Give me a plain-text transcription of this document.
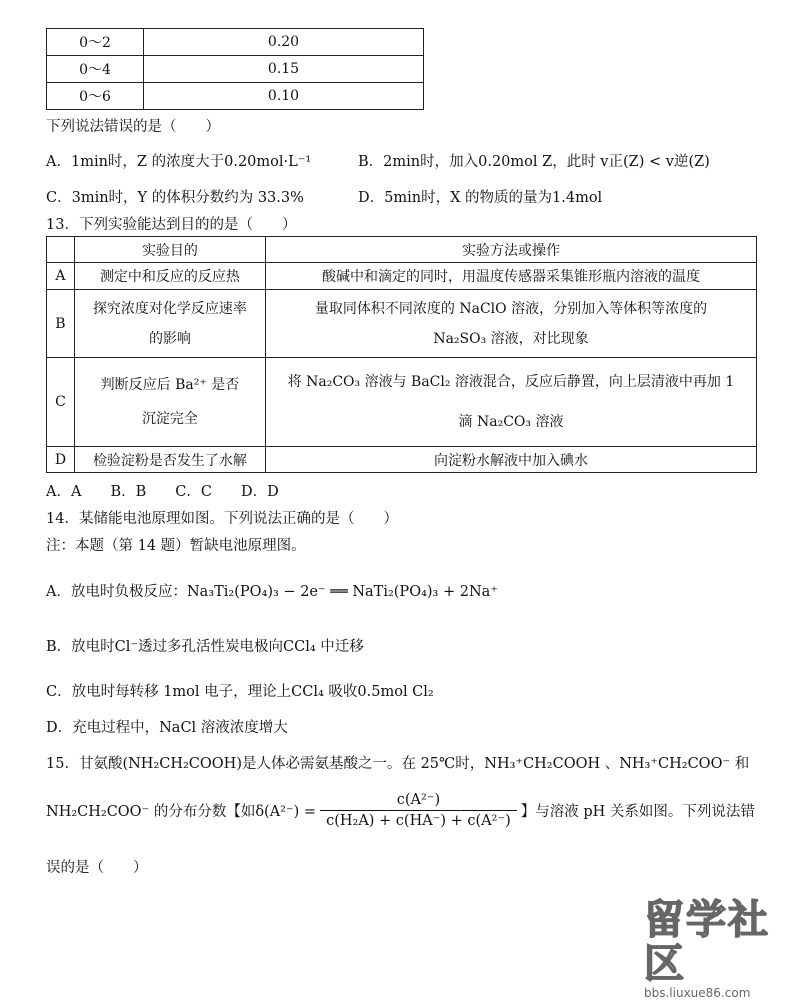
0～2	0.20
0～4	0.15
0～6	0.10
下列说法错误的是（　　）
A．1min时，Z 的浓度大于0.20mol·L⁻¹	B．2min时，加入0.20mol Z，此时 v正(Z) < v逆(Z)
C．3min时，Y 的体积分数约为 33.3%	D．5min时，X 的物质的量为1.4mol
13．下列实验能达到目的的是（　　）
	实验目的	实验方法或操作
A	测定中和反应的反应热	酸碱中和滴定的同时，用温度传感器采集锥形瓶内溶液的温度
B	探究浓度对化学反应速率的影响	量取同体积不同浓度的 NaClO 溶液，分别加入等体积等浓度的 Na₂SO₃ 溶液，对比现象
C	判断反应后 Ba²⁺ 是否沉淀完全	将 Na₂CO₃ 溶液与 BaCl₂ 溶液混合，反应后静置，向上层清液中再加 1 滴 Na₂CO₃ 溶液
D	检验淀粉是否发生了水解	向淀粉水解液中加入碘水
A．A　　B．B　　C．C　　D．D
14．某储能电池原理如图。下列说法正确的是（　　）
注：本题（第 14 题）暂缺电池原理图。
A．放电时负极反应：Na₃Ti₂(PO₄)₃ − 2e⁻ ══ NaTi₂(PO₄)₃ + 2Na⁺
B．放电时Cl⁻透过多孔活性炭电极向CCl₄ 中迁移
C．放电时每转移 1mol 电子，理论上CCl₄ 吸收0.5mol Cl₂
D．充电过程中，NaCl 溶液浓度增大
15．甘氨酸(NH₂CH₂COOH)是人体必需氨基酸之一。在 25℃时，NH₃⁺CH₂COOH 、NH₃⁺CH₂COO⁻ 和
NH₂CH₂COO⁻ 的分布分数【如$\delta(A^{2-}) = \frac{\text{c(A²⁻)}}{\text{c(H₂A) + c(HA⁻) + c(A²⁻)}}$ 】与溶液 pH 关系如图。下列说法错
误的是（　　）
留学社区
bbs.liuxue86.com
